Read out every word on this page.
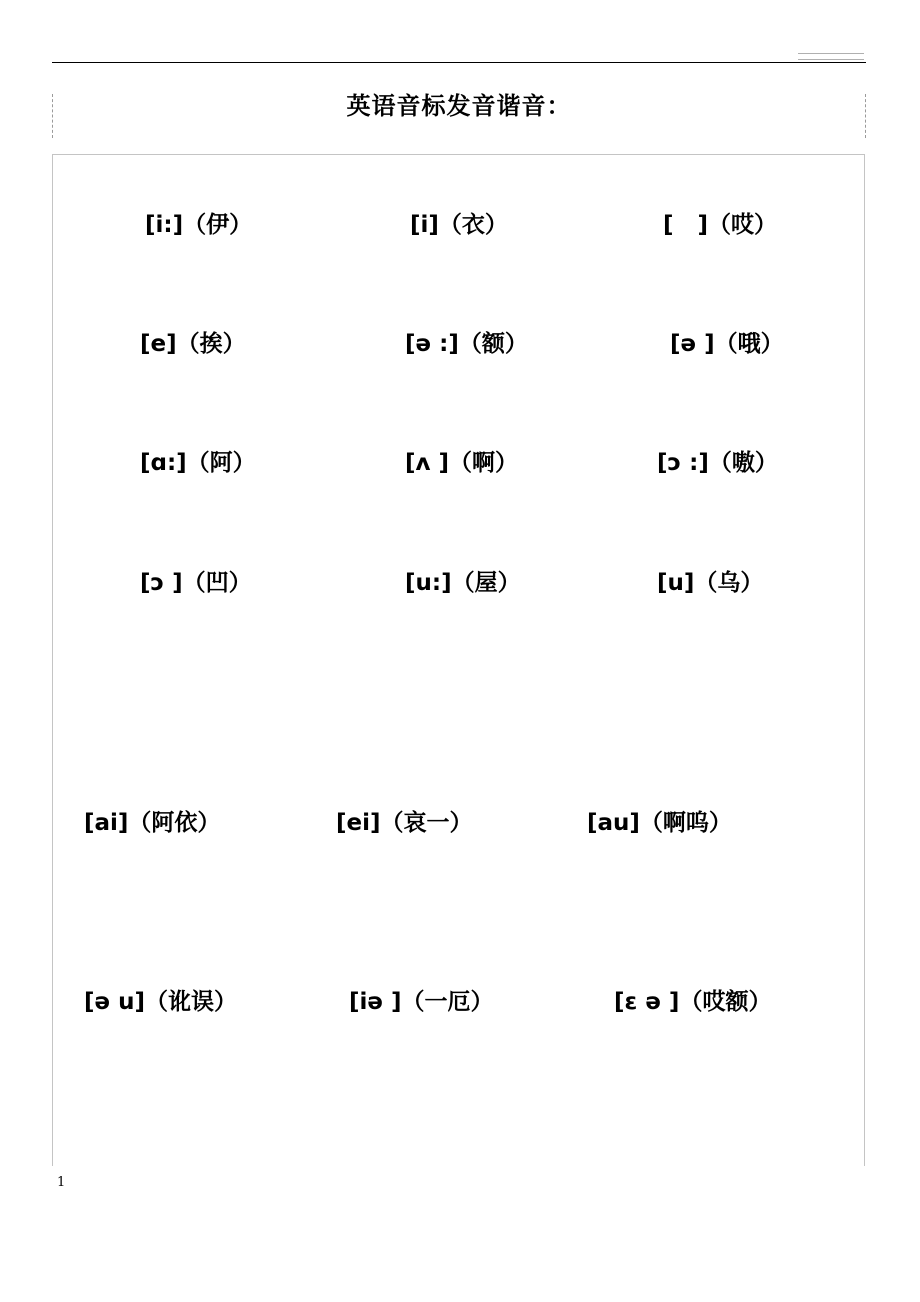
英语音标发音谐音：
[i:]（伊）	[i]（衣）	[   ]（哎）
[e]（挨）	[ə :]（额）	[ə ]（哦）
[ɑ:]（阿）	[ʌ ]（啊）	[ɔ :]（嗷）
[ɔ ]（凹）	[u:]（屋）	[u]（乌）
[ai]（阿依）	[ei]（哀一）	[au]（啊呜）
[ə u]（讹误）	[iə ]（一厄）	[ε ə ]（哎额）
1
